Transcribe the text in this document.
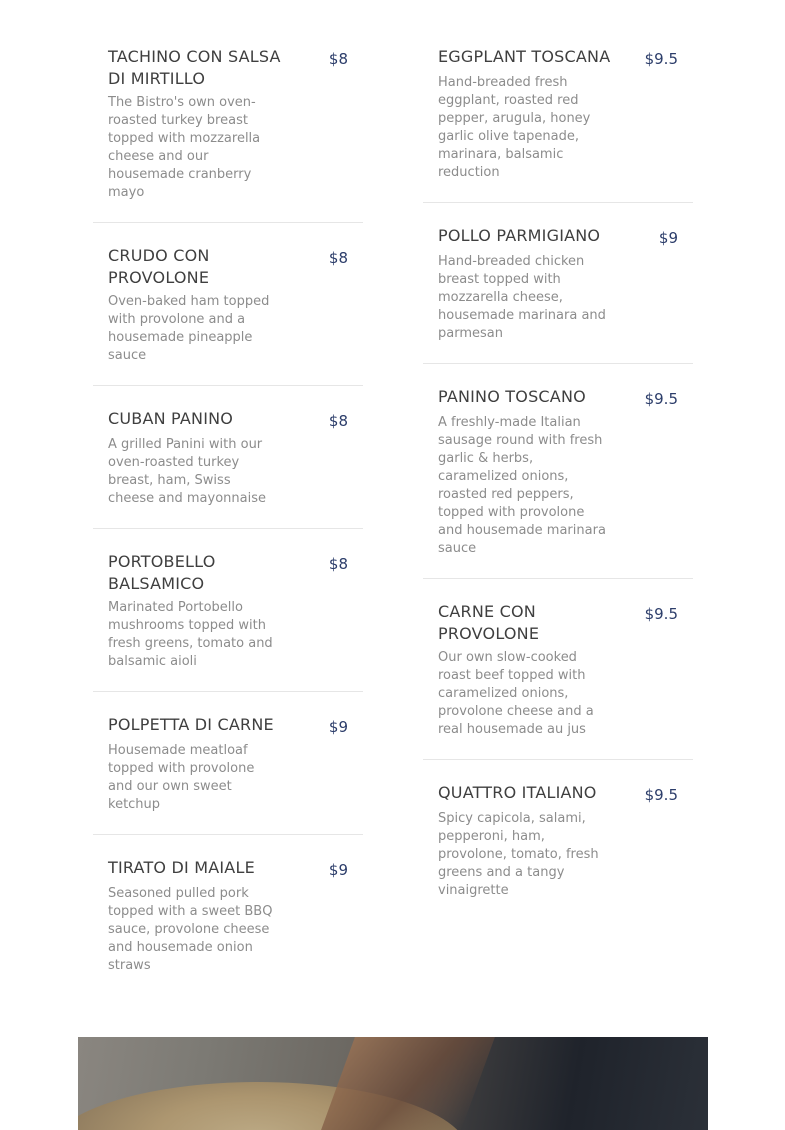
TACHINO CON SALSA DI MIRTILLO
$8
The Bistro's own oven-roasted turkey breast topped with mozzarella cheese and our housemade cranberry mayo
CRUDO CON PROVOLONE
$8
Oven-baked ham topped with provolone and a housemade pineapple sauce
CUBAN PANINO	$8
A grilled Panini with our oven-roasted turkey breast, ham, Swiss cheese and mayonnaise
PORTOBELLO BALSAMICO
$8
Marinated Portobello mushrooms topped with fresh greens, tomato and balsamic aioli
POLPETTA DI CARNE	$9
Housemade meatloaf topped with provolone and our own sweet ketchup
TIRATO DI MAIALE	$9
Seasoned pulled pork topped with a sweet BBQ sauce, provolone cheese and housemade onion straws
EGGPLANT TOSCANA $9.5
Hand-breaded fresh eggplant, roasted red pepper, arugula, honey garlic olive tapenade, marinara, balsamic reduction
POLLO PARMIGIANO	$9
Hand-breaded chicken breast topped with mozzarella cheese, housemade marinara and parmesan
PANINO TOSCANO	$9.5
A freshly-made Italian sausage round with fresh garlic & herbs, caramelized onions, roasted red peppers, topped with provolone and housemade marinara sauce
CARNE CON PROVOLONE
$9.5
Our own slow-cooked roast beef topped with caramelized onions, provolone cheese and a real housemade au jus
QUATTRO ITALIANO	$9.5
Spicy capicola, salami, pepperoni, ham, provolone, tomato, fresh greens and a tangy vinaigrette
